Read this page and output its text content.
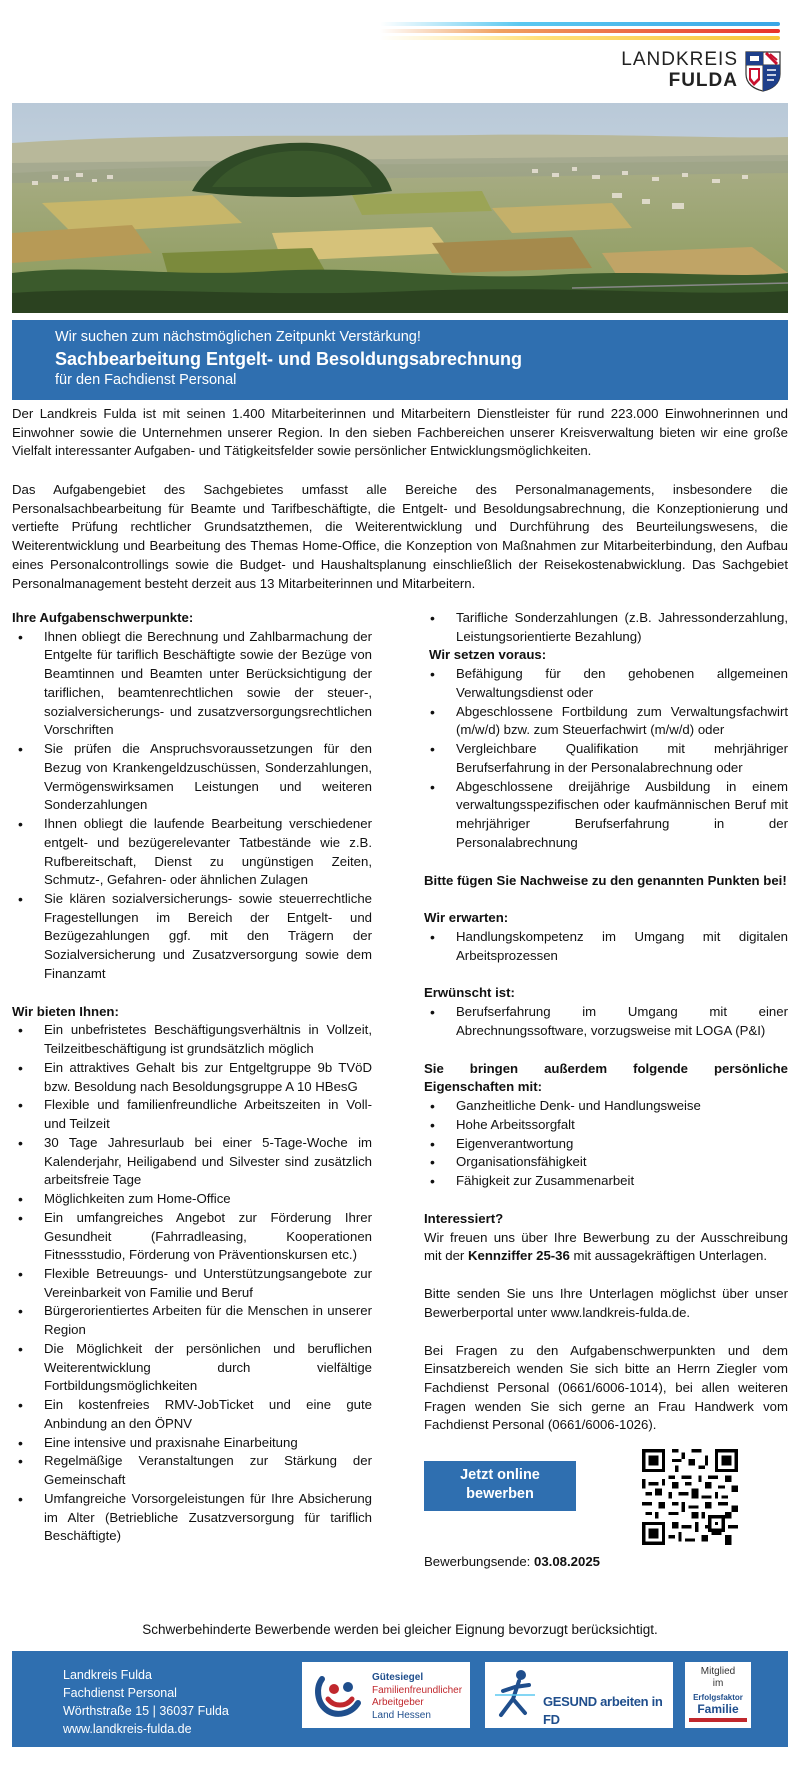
LANDKREIS
FULDA
Wir suchen zum nächstmöglichen Zeitpunkt Verstärkung!
Sachbearbeitung Entgelt- und Besoldungsabrechnung
für den Fachdienst Personal

Der Landkreis Fulda ist mit seinen 1.400 Mitarbeiterinnen und Mitarbeitern Dienstleister für rund 223.000 Einwohnerinnen und Einwohner sowie die Unternehmen unserer Region. In den sieben Fachbereichen unserer Kreisverwaltung bieten wir eine große Vielfalt interessanter Aufgaben- und Tätigkeitsfelder sowie persönlicher Entwicklungsmöglichkeiten.

Das Aufgabengebiet des Sachgebietes umfasst alle Bereiche des Personalmanagements, insbesondere die Personalsachbearbeitung für Beamte und Tarifbeschäftigte, die Entgelt- und Besoldungsabrechnung, die Konzeptionierung und vertiefte Prüfung rechtlicher Grundsatzthemen, die Weiterentwicklung und Durchführung des Beurteilungswesens, die Weiterentwicklung und Bearbeitung des Themas Home-Office, die Konzeption von Maßnahmen zur Mitarbeiterbindung, den Aufbau eines Personalcontrollings sowie die Budget- und Haushaltsplanung einschließlich der Reisekostenabwicklung. Das Sachgebiet Personalmanagement besteht derzeit aus 13 Mitarbeiterinnen und Mitarbeitern.

Ihre Aufgabenschwerpunkte:
• Ihnen obliegt die Berechnung und Zahlbarmachung der Entgelte für tariflich Beschäftigte sowie der Bezüge von Beamtinnen und Beamten unter Berücksichtigung der tariflichen, beamtenrechtlichen sowie der steuer-, sozialversicherungs- und zusatzversorgungsrechtlichen Vorschriften
• Sie prüfen die Anspruchsvoraussetzungen für den Bezug von Krankengeldzuschüssen, Sonderzahlungen, Vermögenswirksamen Leistungen und weiteren Sonderzahlungen
• Ihnen obliegt die laufende Bearbeitung verschiedener entgelt- und bezügerelevanter Tatbestände wie z.B. Rufbereitschaft, Dienst zu ungünstigen Zeiten, Schmutz-, Gefahren- oder ähnlichen Zulagen
• Sie klären sozialversicherungs- sowie steuerrechtliche Fragestellungen im Bereich der Entgelt- und Bezügezahlungen ggf. mit den Trägern der Sozialversicherung und Zusatzversorgung sowie dem Finanzamt
Wir bieten Ihnen:
• Ein unbefristetes Beschäftigungsverhältnis in Vollzeit, Teilzeitbeschäftigung ist grundsätzlich möglich
• Ein attraktives Gehalt bis zur Entgeltgruppe 9b TVöD bzw. Besoldung nach Besoldungsgruppe A 10 HBesG
• Flexible und familienfreundliche Arbeitszeiten in Voll- und Teilzeit
• 30 Tage Jahresurlaub bei einer 5-Tage-Woche im Kalenderjahr, Heiligabend und Silvester sind zusätzlich arbeitsfreie Tage
• Möglichkeiten zum Home-Office
• Ein umfangreiches Angebot zur Förderung Ihrer Gesundheit (Fahrradleasing, Kooperationen Fitnessstudio, Förderung von Präventionskursen etc.)
• Flexible Betreuungs- und Unterstützungsangebote zur Vereinbarkeit von Familie und Beruf
• Bürgerorientiertes Arbeiten für die Menschen in unserer Region
• Die Möglichkeit der persönlichen und beruflichen Weiterentwicklung durch vielfältige Fortbildungsmöglichkeiten
• Ein kostenfreies RMV-JobTicket und eine gute Anbindung an den ÖPNV
• Eine intensive und praxisnahe Einarbeitung
• Regelmäßige Veranstaltungen zur Stärkung der Gemeinschaft
• Umfangreiche Vorsorgeleistungen für Ihre Absicherung im Alter (Betriebliche Zusatzversorgung für tariflich Beschäftigte)
• Tarifliche Sonderzahlungen (z.B. Jahressonderzahlung, Leistungsorientierte Bezahlung)
Wir setzen voraus:
• Befähigung für den gehobenen allgemeinen Verwaltungsdienst oder
• Abgeschlossene Fortbildung zum Verwaltungsfachwirt (m/w/d) bzw. zum Steuerfachwirt (m/w/d) oder
• Vergleichbare Qualifikation mit mehrjähriger Berufserfahrung in der Personalabrechnung oder
• Abgeschlossene dreijährige Ausbildung in einem verwaltungsspezifischen oder kaufmännischen Beruf mit mehrjähriger Berufserfahrung in der Personalabrechnung
Bitte fügen Sie Nachweise zu den genannten Punkten bei!
Wir erwarten:
• Handlungskompetenz im Umgang mit digitalen Arbeitsprozessen
Erwünscht ist:
• Berufserfahrung im Umgang mit einer Abrechnungssoftware, vorzugsweise mit LOGA (P&I)
Sie bringen außerdem folgende persönliche Eigenschaften mit:
• Ganzheitliche Denk- und Handlungsweise
• Hohe Arbeitssorgfalt
• Eigenverantwortung
• Organisationsfähigkeit
• Fähigkeit zur Zusammenarbeit
Interessiert?

Wir freuen uns über Ihre Bewerbung zu der Ausschreibung mit der Kennziffer 25-36 mit aussagekräftigen Unterlagen.

Bitte senden Sie uns Ihre Unterlagen möglichst über unser Bewerberportal unter www.landkreis-fulda.de.

Bei Fragen zu den Aufgabenschwerpunkten und dem Einsatzbereich wenden Sie sich bitte an Herrn Ziegler vom Fachdienst Personal (0661/6006-1014), bei allen weiteren Fragen wenden Sie sich gerne an Frau Handwerk vom Fachdienst Personal (0661/6006-1026).

Jetzt online
bewerben
Bewerbungsende: 03.08.2025
Schwerbehinderte Bewerbende werden bei gleicher Eignung bevorzugt berücksichtigt.
Landkreis Fulda
Fachdienst Personal
Wörthstraße 15 | 36037 Fulda
www.landkreis-fulda.de
Gütesiegel
Familienfreundlicher
Arbeitgeber
Land Hessen
GESUND arbeiten in FD
Mitglied
im
Erfolgsfaktor
Familie
